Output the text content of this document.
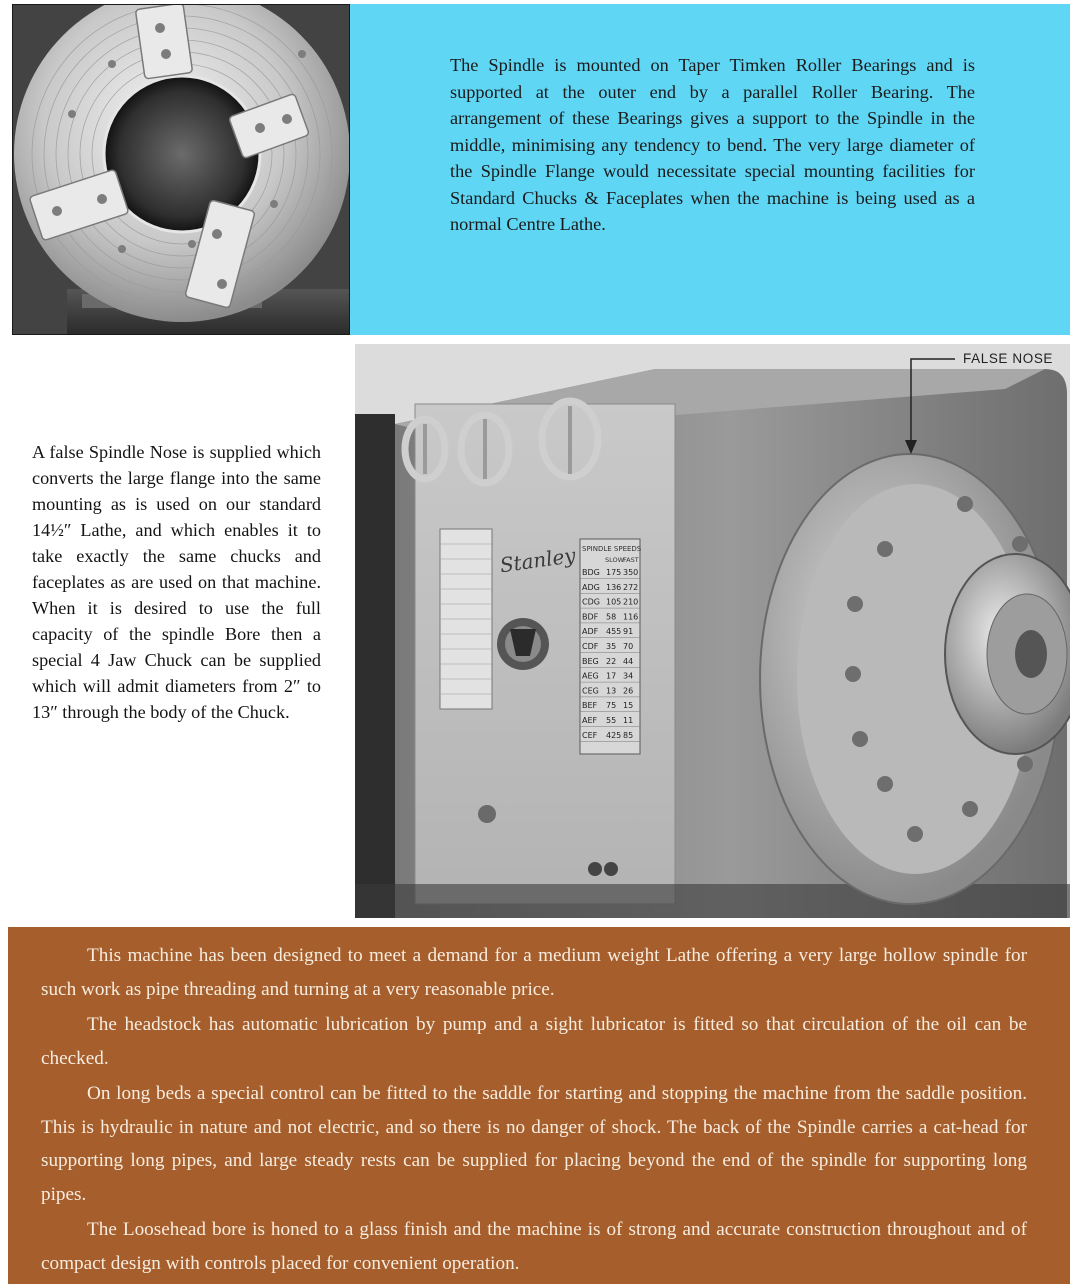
The Spindle is mounted on Taper Timken Roller Bearings and is supported at the outer end by a parallel Roller Bearing. The arrangement of these Bearings gives a support to the Spindle in the middle, minimising any tendency to bend. The very large diameter of the Spindle Flange would necessitate special mounting facilities for Standard Chucks & Faceplates when the machine is being used as a normal Centre Lathe.

A false Spindle Nose is supplied which converts the large flange into the same mounting as is used on our standard 14½″ Lathe, and which enables it to take exactly the same chucks and faceplates as are used on that machine. When it is desired to use the full capacity of the spindle Bore then a special 4 Jaw Chuck can be supplied which will admit diameters from 2″ to 13″ through the body of the Chuck.

Stanley SPINDLE SPEEDS
SLOW
FAST
BDG 175 350
ADG 136 272
CDG 105 210
BDF 58 116
ADF 455 91
CDF 35 70
BEG 22 44
AEG 17 34
CEG 13 26
BEF 75 15
AEF 55 11
CEF 425 85
FALSE NOSE

This machine has been designed to meet a demand for a medium weight Lathe offering a very large hollow spindle for such work as pipe threading and turning at a very reasonable price.

The headstock has automatic lubrication by pump and a sight lubricator is fitted so that circulation of the oil can be checked.

On long beds a special control can be fitted to the saddle for starting and stopping the machine from the saddle position. This is hydraulic in nature and not electric, and so there is no danger of shock. The back of the Spindle carries a cat-head for supporting long pipes, and large steady rests can be supplied for placing beyond the end of the spindle for supporting long pipes.

The Loosehead bore is honed to a glass finish and the machine is of strong and accurate construction throughout and of compact design with controls placed for convenient operation.
